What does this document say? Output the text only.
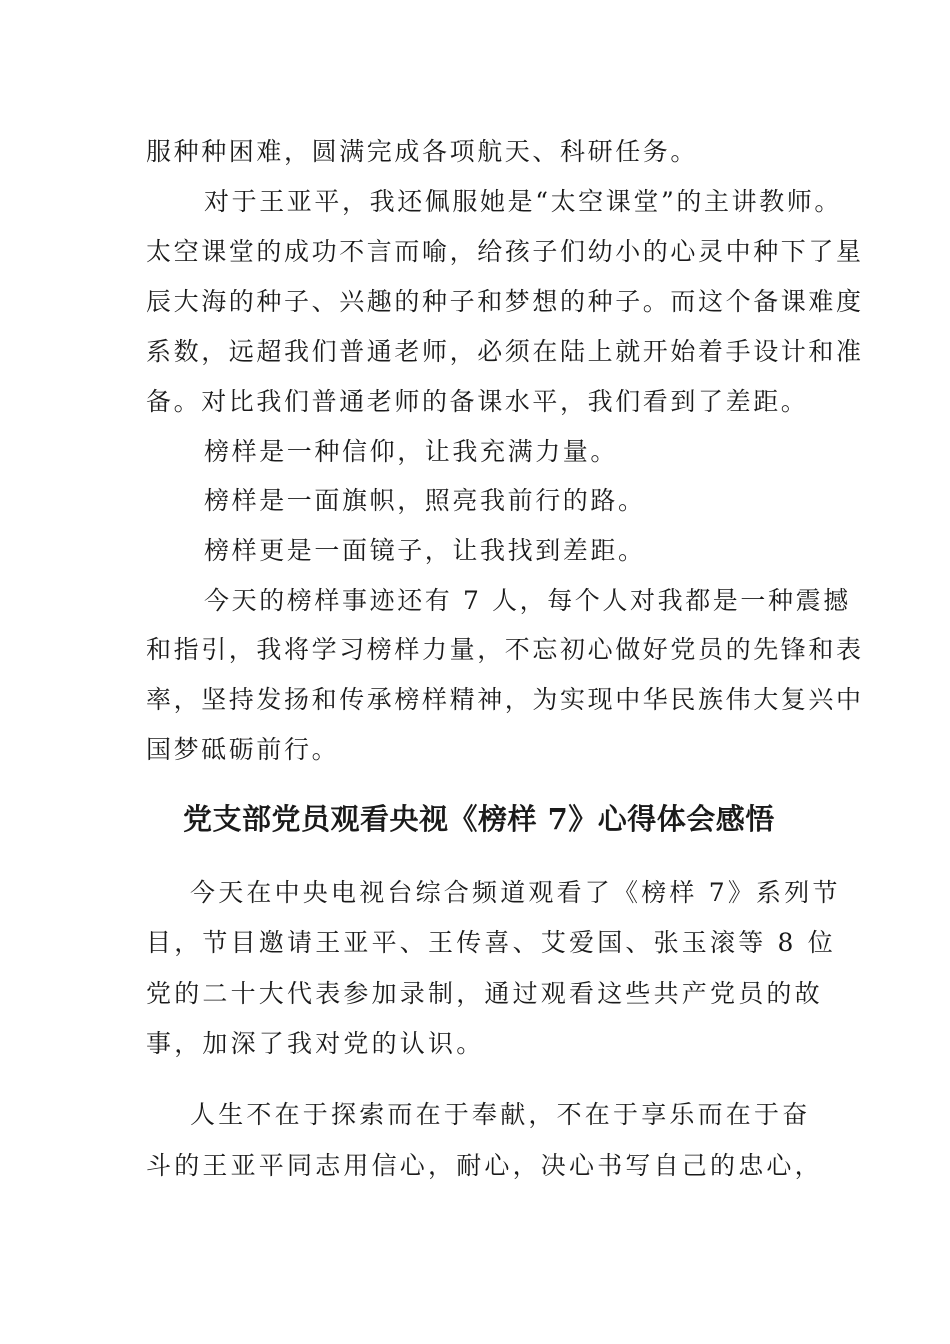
服种种困难，圆满完成各项航天、科研任务。
对于王亚平，我还佩服她是“太空课堂”的主讲教师。
太空课堂的成功不言而喻，给孩子们幼小的心灵中种下了星
辰大海的种子、兴趣的种子和梦想的种子。而这个备课难度
系数，远超我们普通老师，必须在陆上就开始着手设计和准
备。对比我们普通老师的备课水平，我们看到了差距。
榜样是一种信仰，让我充满力量。
榜样是一面旗帜，照亮我前行的路。
榜样更是一面镜子，让我找到差距。
今天的榜样事迹还有 7 人，每个人对我都是一种震撼
和指引，我将学习榜样力量，不忘初心做好党员的先锋和表
率，坚持发扬和传承榜样精神，为实现中华民族伟大复兴中
国梦砥砺前行。
党支部党员观看央视《榜样 7》心得体会感悟
今天在中央电视台综合频道观看了《榜样 7》系列节
目，节目邀请王亚平、王传喜、艾爱国、张玉滚等 8 位
党的二十大代表参加录制，通过观看这些共产党员的故
事，加深了我对党的认识。
人生不在于探索而在于奉献，不在于享乐而在于奋
斗的王亚平同志用信心，耐心，决心书写自己的忠心，
